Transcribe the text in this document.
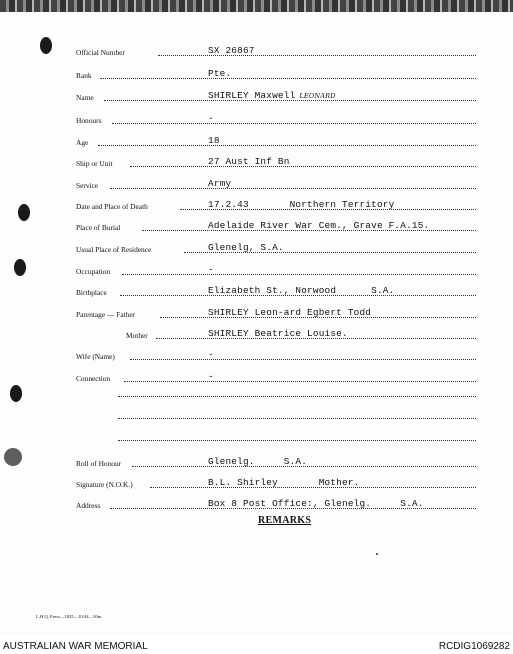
Official Number	SX 26867
Rank	Pte.
Name	SHIRLEY Maxwell LEONARD
Honours	-
Age	18
Ship or Unit	27 Aust Inf Bn
Service	Army
Date and Place of Death	17.2.43       Northern Territory
Place of Burial	Adelaide River War Cem., Grave F.A.15.
Usual Place of Residence	Glenelg, S.A.
Occupation	-
Birthplace	Elizabeth St., Norwood      S.A.
Parentage — Father	SHIRLEY Leon-ard Egbert Todd
Mother	SHIRLEY Beatrice Louise.
Wife (Name)	-
Connection	-
Roll of Honour	Glenelg.     S.A.
Signature (N.O.K.)	B.L. Shirley       Mother.
Address	Box 8 Post Office:, Glenelg.     S.A.
REMARKS
L.H.Q. Press—1825—10/44—30m.
AUSTRALIAN WAR MEMORIAL	RCDIG1069282
